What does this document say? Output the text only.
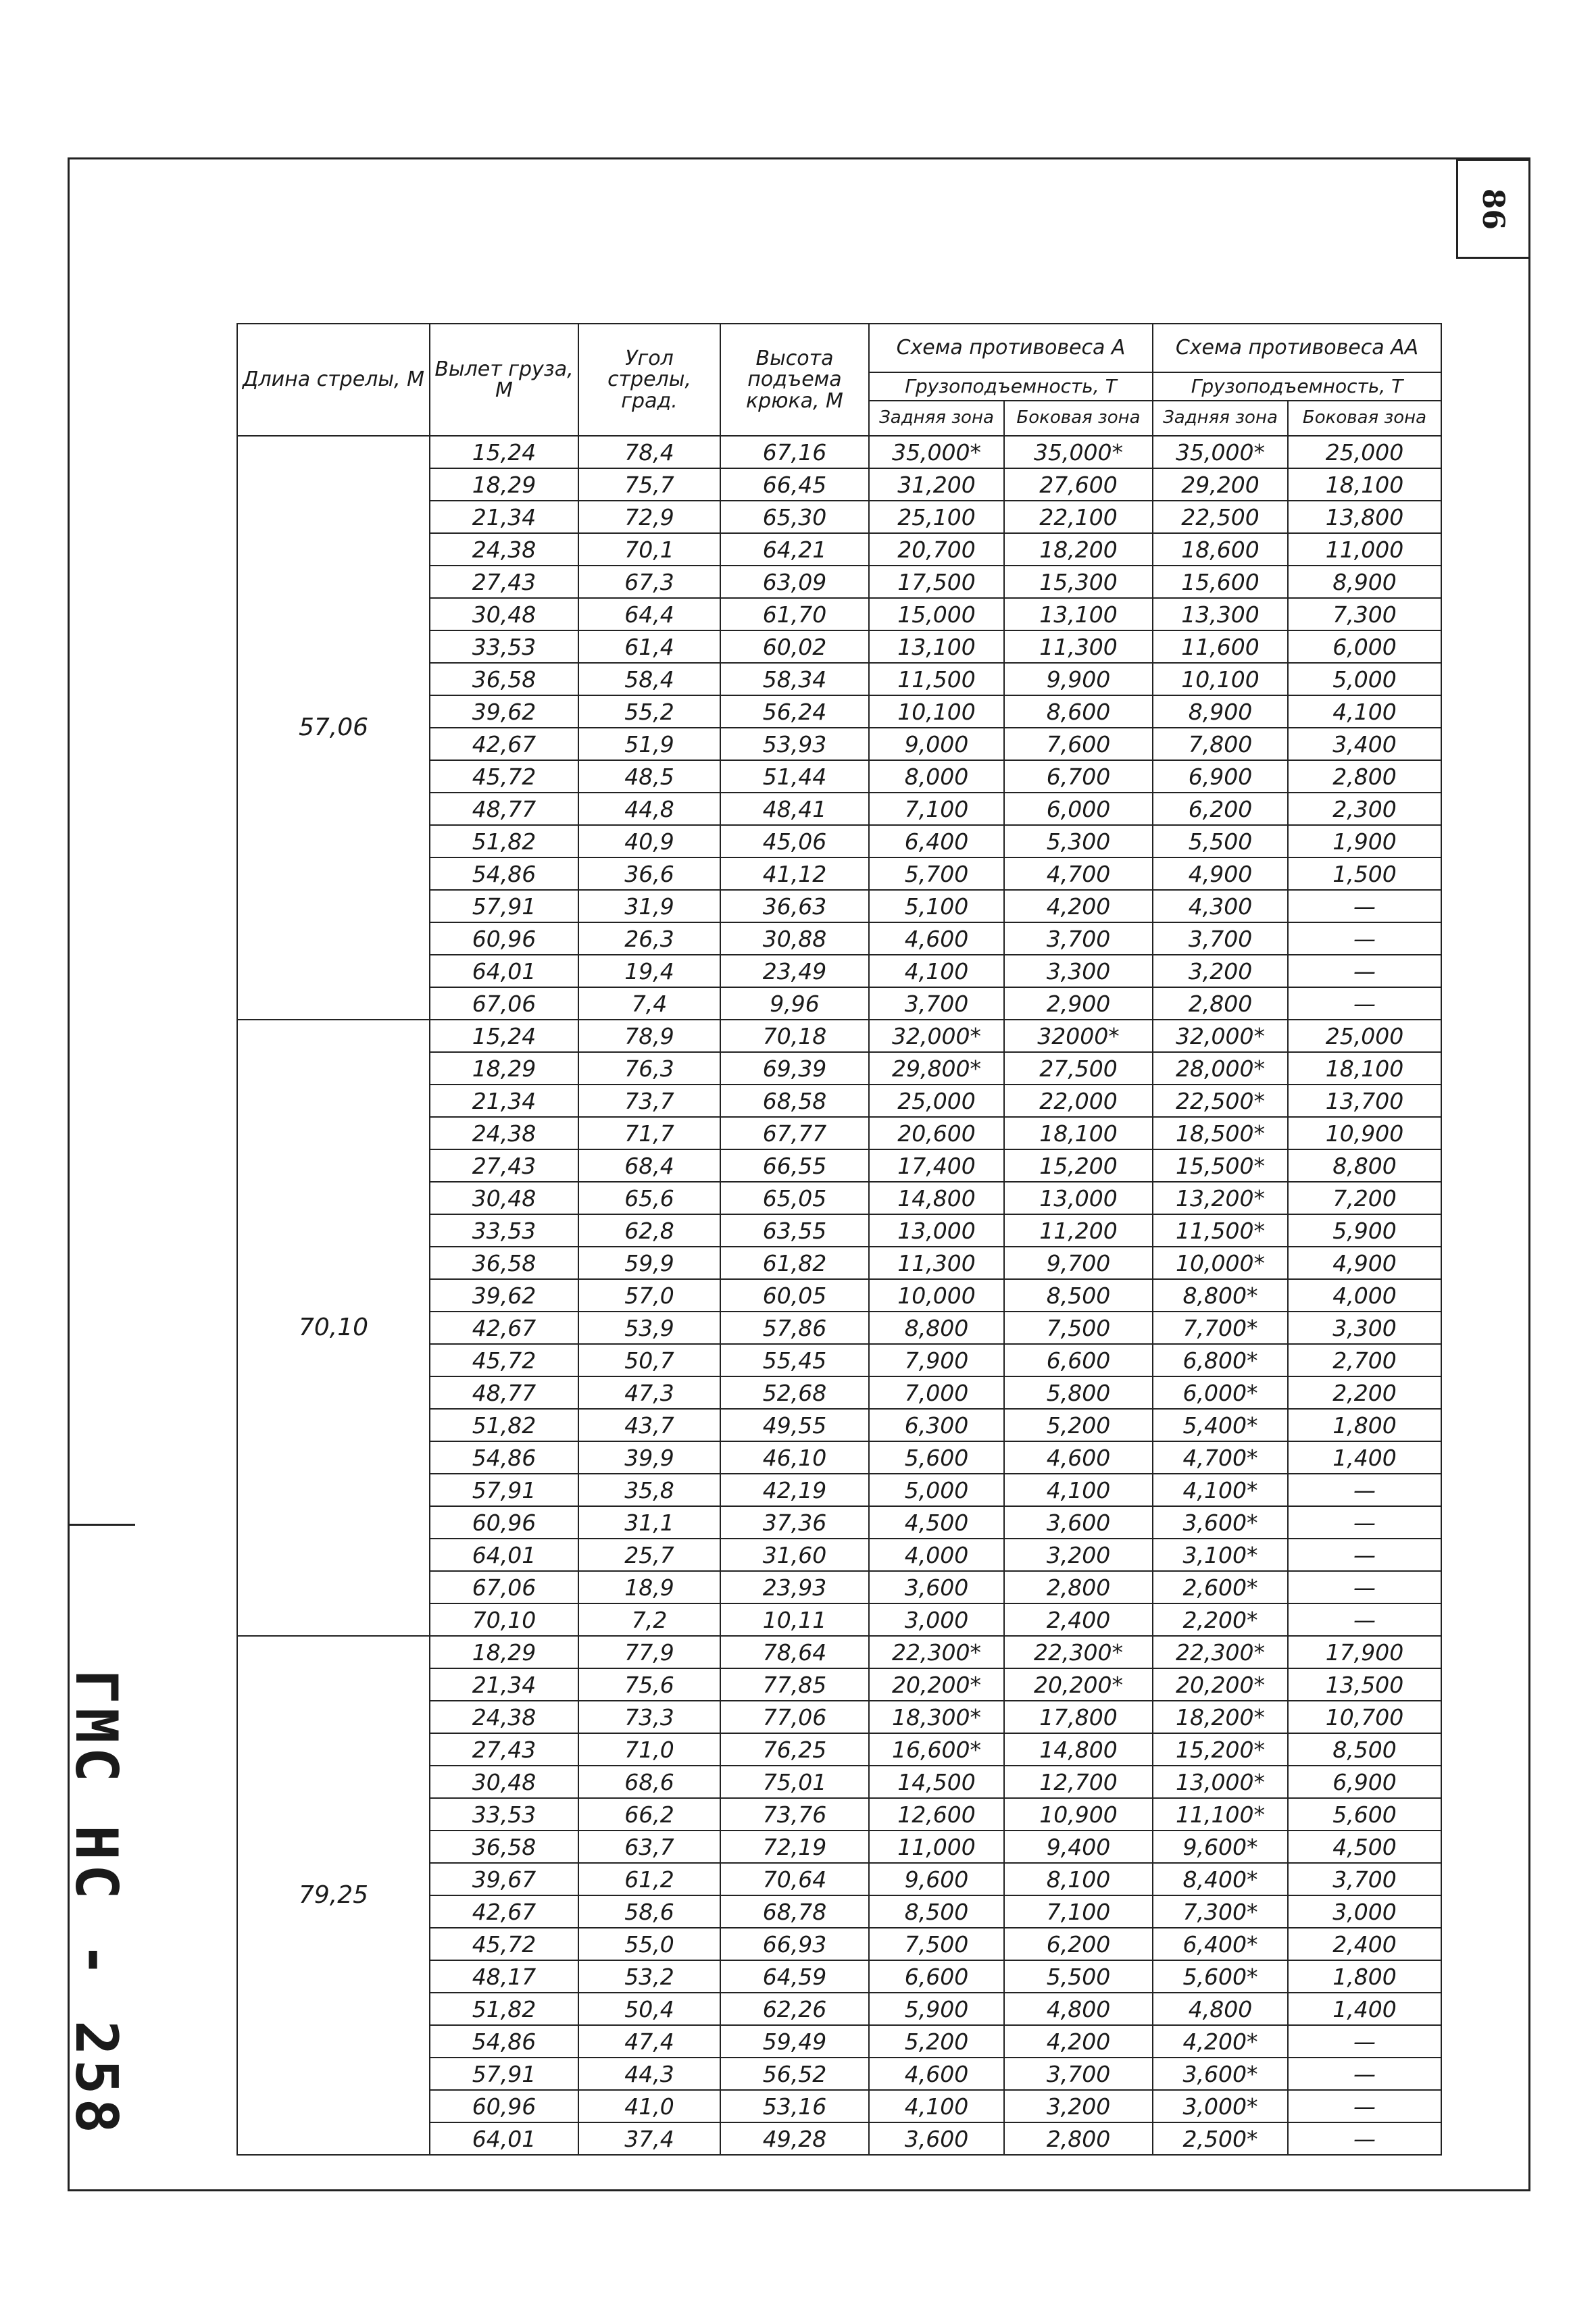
86
ГМС НС - 258
Длина стрелы, М	Вылет груза, М	Угол стрелы, град.	Высота подъема крюка, М	Схема противовеса А		Схема противовеса АА	
				Грузоподъемность, Т		Грузоподъемность, Т	
				Задняя зона	Боковая зона	Задняя зона	Боковая зона
57,06	15,24	78,4	67,16	35,000*	35,000*	35,000*	25,000
	18,29	75,7	66,45	31,200	27,600	29,200	18,100
	21,34	72,9	65,30	25,100	22,100	22,500	13,800
	24,38	70,1	64,21	20,700	18,200	18,600	11,000
	27,43	67,3	63,09	17,500	15,300	15,600	8,900
	30,48	64,4	61,70	15,000	13,100	13,300	7,300
	33,53	61,4	60,02	13,100	11,300	11,600	6,000
	36,58	58,4	58,34	11,500	9,900	10,100	5,000
	39,62	55,2	56,24	10,100	8,600	8,900	4,100
	42,67	51,9	53,93	9,000	7,600	7,800	3,400
	45,72	48,5	51,44	8,000	6,700	6,900	2,800
	48,77	44,8	48,41	7,100	6,000	6,200	2,300
	51,82	40,9	45,06	6,400	5,300	5,500	1,900
	54,86	36,6	41,12	5,700	4,700	4,900	1,500
	57,91	31,9	36,63	5,100	4,200	4,300	—
	60,96	26,3	30,88	4,600	3,700	3,700	—
	64,01	19,4	23,49	4,100	3,300	3,200	—
	67,06	7,4	9,96	3,700	2,900	2,800	—
70,10	15,24	78,9	70,18	32,000*	32000*	32,000*	25,000
	18,29	76,3	69,39	29,800*	27,500	28,000*	18,100
	21,34	73,7	68,58	25,000	22,000	22,500*	13,700
	24,38	71,7	67,77	20,600	18,100	18,500*	10,900
	27,43	68,4	66,55	17,400	15,200	15,500*	8,800
	30,48	65,6	65,05	14,800	13,000	13,200*	7,200
	33,53	62,8	63,55	13,000	11,200	11,500*	5,900
	36,58	59,9	61,82	11,300	9,700	10,000*	4,900
	39,62	57,0	60,05	10,000	8,500	8,800*	4,000
	42,67	53,9	57,86	8,800	7,500	7,700*	3,300
	45,72	50,7	55,45	7,900	6,600	6,800*	2,700
	48,77	47,3	52,68	7,000	5,800	6,000*	2,200
	51,82	43,7	49,55	6,300	5,200	5,400*	1,800
	54,86	39,9	46,10	5,600	4,600	4,700*	1,400
	57,91	35,8	42,19	5,000	4,100	4,100*	—
	60,96	31,1	37,36	4,500	3,600	3,600*	—
	64,01	25,7	31,60	4,000	3,200	3,100*	—
	67,06	18,9	23,93	3,600	2,800	2,600*	—
	70,10	7,2	10,11	3,000	2,400	2,200*	—
79,25	18,29	77,9	78,64	22,300*	22,300*	22,300*	17,900
	21,34	75,6	77,85	20,200*	20,200*	20,200*	13,500
	24,38	73,3	77,06	18,300*	17,800	18,200*	10,700
	27,43	71,0	76,25	16,600*	14,800	15,200*	8,500
	30,48	68,6	75,01	14,500	12,700	13,000*	6,900
	33,53	66,2	73,76	12,600	10,900	11,100*	5,600
	36,58	63,7	72,19	11,000	9,400	9,600*	4,500
	39,67	61,2	70,64	9,600	8,100	8,400*	3,700
	42,67	58,6	68,78	8,500	7,100	7,300*	3,000
	45,72	55,0	66,93	7,500	6,200	6,400*	2,400
	48,17	53,2	64,59	6,600	5,500	5,600*	1,800
	51,82	50,4	62,26	5,900	4,800	4,800	1,400
	54,86	47,4	59,49	5,200	4,200	4,200*	—
	57,91	44,3	56,52	4,600	3,700	3,600*	—
	60,96	41,0	53,16	4,100	3,200	3,000*	—
	64,01	37,4	49,28	3,600	2,800	2,500*	—
